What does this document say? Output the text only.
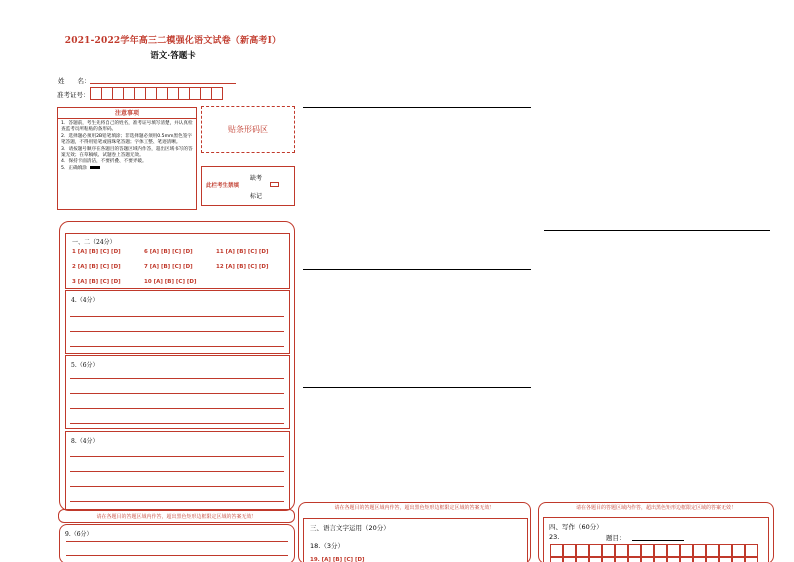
2021-2022学年高三二模强化语文试卷（新高考Ⅰ）
语文·答题卡
姓　　名：
准考证号：
注意事项
1．答题前，考生先将自己的姓名，准考证号填写清楚，并认真检查监考员所粘贴的条形码。
2．选择题必须用2B铅笔填涂；非选择题必须用0.5mm黑色签字笔答题，不得用铅笔或圆珠笔答题；字体工整、笔迹清晰。
3．请按题号顺序在各题目的答题区域内作答，超出区域书写的答案无效；在草稿纸、试题卷上答题无效。
4．保持卡面清洁，不要折叠、不要弄破。
5．正确填涂
贴条形码区
缺考
此栏考生禁填
标记
一、二（24分）
1 [A] [B] [C] [D]	6 [A] [B] [C] [D]	11 [A] [B] [C] [D]
2 [A] [B] [C] [D]	7 [A] [B] [C] [D]	12 [A] [B] [C] [D]
3 [A] [B] [C] [D]	10 [A] [B] [C] [D]
4.（4分）
5.（6分）
8.（4分）
请在各题目的答题区域内作答，超出黑色矩形边框限定区域的答案无效！
9.（6分）
请在各题目的答题区域内作答，超出黑色矩形边框限定区域的答案无效！
三、语言文字运用（20分）
18.（3分）
19. [A] [B] [C] [D]
请在各题目的答题区域内作答，超出黑色矩形边框限定区域的答案无效！
四、写作（60分）
23.	题目：
